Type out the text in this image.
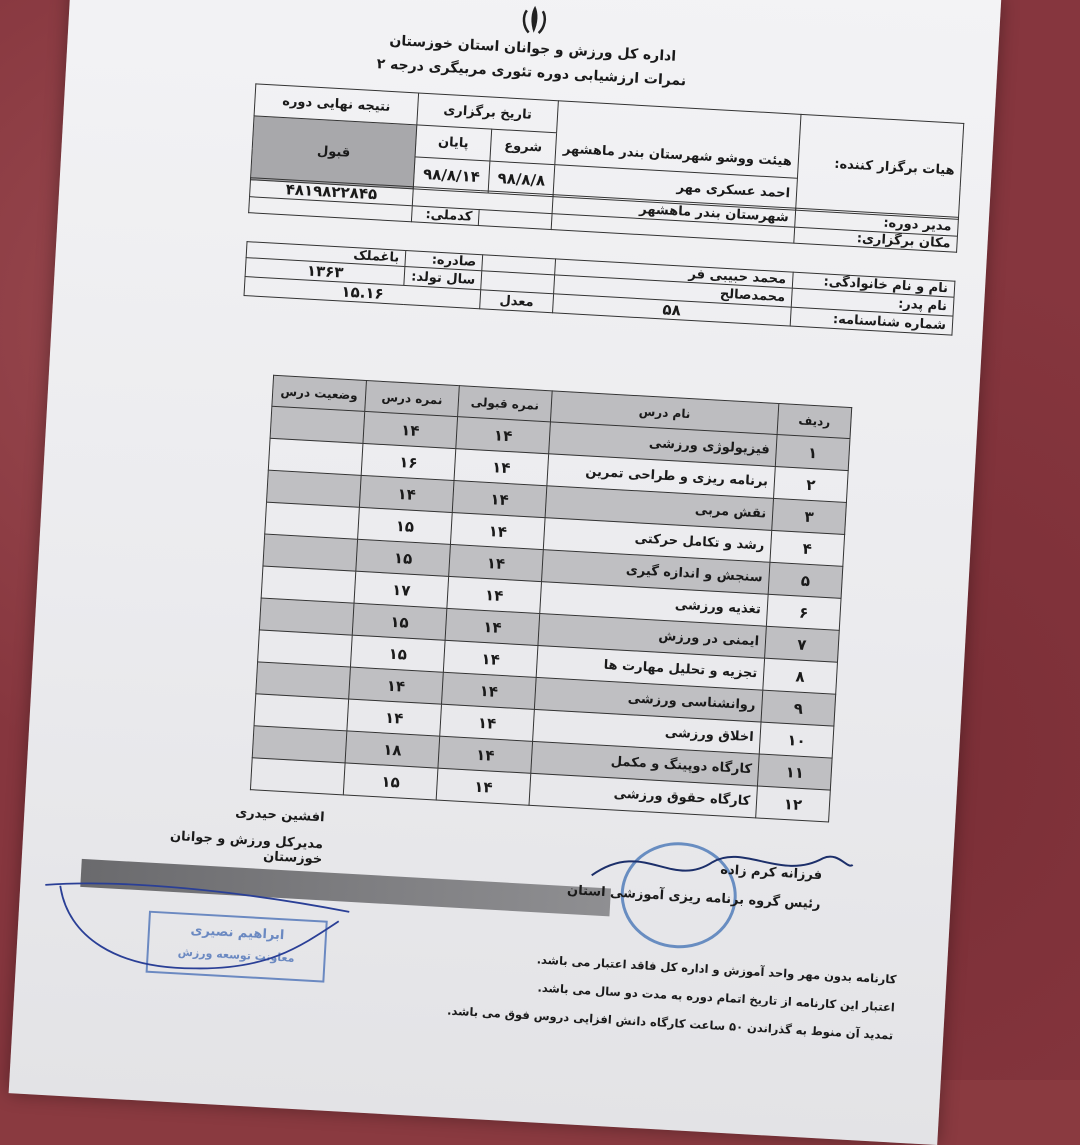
اداره کل ورزش و جوانان استان خوزستان
نمرات ارزشیابی دوره تئوری مربیگری درجه ۲
هیات برگزار کننده:		تاریخ برگزاری		نتیجه نهایی دوره
	هیئت ووشو شهرستان بندر ماهشهر	شروع	پایان	قبول
	احمد عسکری مهر	۹۸/۸/۸	۹۸/۸/۱۴	
مدیر دوره:	شهرستان بندر ماهشهر			۴۸۱۹۸۲۲۸۴۵
مکان برگزاری:			کدملی:	
نام و نام خانوادگی:	محمد حبیبی فر		صادره:	باغملک
نام پدر:	محمدصالح		سال تولد:	۱۳۶۳
شماره شناسنامه:	۵۸	معدل	۱۵.۱۶	
ردیف	نام درس	نمره قبولی	نمره درس	وضعیت درس
۱	فیزیولوژی ورزشی	۱۴	۱۴	
۲	برنامه ریزی و طراحی تمرین	۱۴	۱۶	
۳	نقش مربی	۱۴	۱۴	
۴	رشد و تکامل حرکتی	۱۴	۱۵	
۵	سنجش و اندازه گیری	۱۴	۱۵	
۶	تغذیه ورزشی	۱۴	۱۷	
۷	ایمنی در ورزش	۱۴	۱۵	
۸	تجزیه و تحلیل مهارت ها	۱۴	۱۵	
۹	روانشناسی ورزشی	۱۴	۱۴	
۱۰	اخلاق ورزشی	۱۴	۱۴	
۱۱	کارگاه دوپینگ و مکمل	۱۴	۱۸	
۱۲	کارگاه حقوق ورزشی	۱۴	۱۵	
افشین حیدری
مدیرکل ورزش و جوانان خوزستان
فرزانه کرم زاده
رئیس گروه برنامه ریزی آموزشی استان
ابراهیم نصیری
معاونت توسعه ورزش	کارنامه بدون مهر واحد آموزش و اداره کل فاقد اعتبار می باشد.
اعتبار این کارنامه از تاریخ اتمام دوره به مدت دو سال می باشد.
تمدید آن منوط به گذراندن ۵۰ ساعت کارگاه دانش افزایی دروس فوق می باشد.
